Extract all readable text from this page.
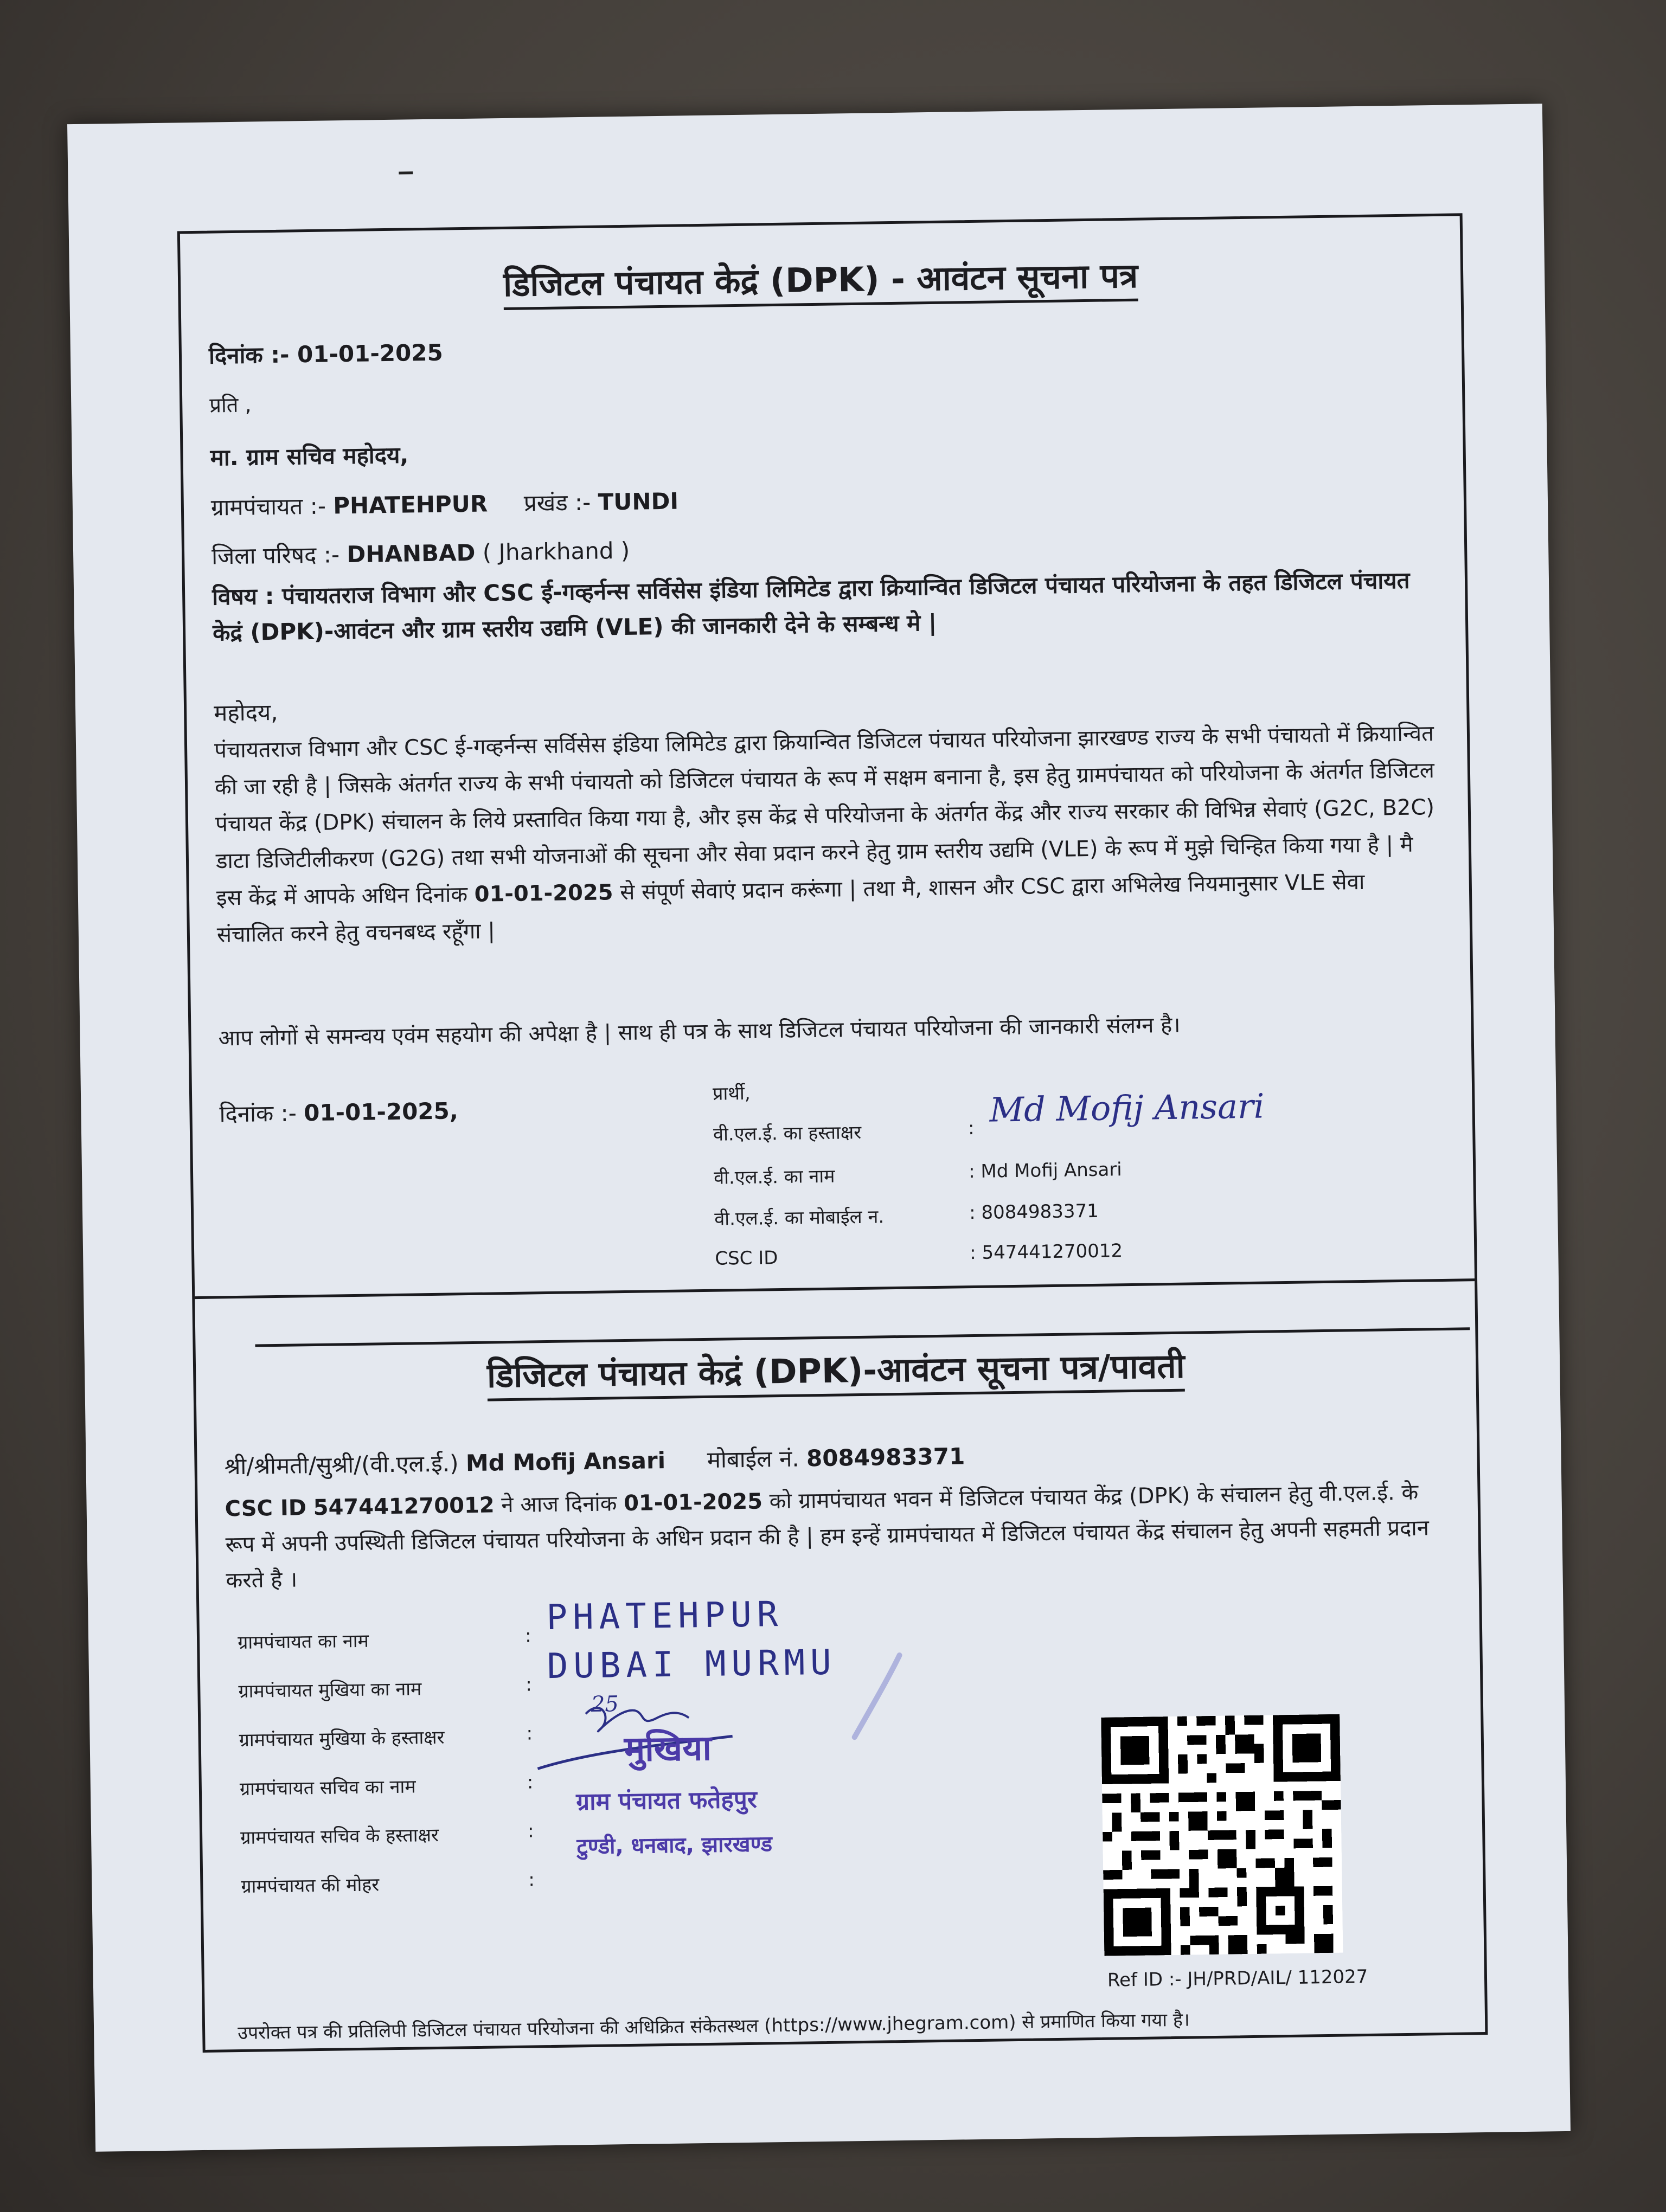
डिजिटल पंचायत केद्रं (DPK) - आवंटन सूचना पत्र
दिनांक :- 01-01-2025
प्रति ,
मा. ग्राम सचिव महोदय,
ग्रामपंचायत :- PHATEHPUR प्रखंड :- TUNDI
जिला परिषद :- DHANBAD ( Jharkhand )
विषय : पंचायतराज विभाग और CSC ई-गव्हर्नन्स सर्विसेस इंडिया लिमिटेड द्वारा क्रियान्वित डिजिटल पंचायत परियोजना के तहत डिजिटल पंचायत केद्रं (DPK)-आवंटन और ग्राम स्तरीय उद्यमि (VLE) की जानकारी देने के सम्बन्ध मे |
महोदय,
पंचायतराज विभाग और CSC ई-गव्हर्नन्स सर्विसेस इंडिया लिमिटेड द्वारा क्रियान्वित डिजिटल पंचायत परियोजना झारखण्ड राज्य के सभी पंचायतो में क्रियान्वित की जा रही है | जिसके अंतर्गत राज्य के सभी पंचायतो को डिजिटल पंचायत के रूप में सक्षम बनाना है, इस हेतु ग्रामपंचायत को परियोजना के अंतर्गत डिजिटल पंचायत केंद्र (DPK) संचालन के लिये प्रस्तावित किया गया है, और इस केंद्र से परियोजना के अंतर्गत केंद्र और राज्य सरकार की विभिन्न सेवाएं (G2C, B2C) डाटा डिजिटीलीकरण (G2G) तथा सभी योजनाओं की सूचना और सेवा प्रदान करने हेतु ग्राम स्तरीय उद्यमि (VLE) के रूप में मुझे चिन्हित किया गया है | मै इस केंद्र में आपके अधिन दिनांक 01-01-2025 से संपूर्ण सेवाएं प्रदान करूंगा | तथा मै, शासन और CSC द्वारा अभिलेख नियमानुसार VLE सेवा संचालित करने हेतु वचनबध्द रहूँगा |
आप लोगों से समन्वय एवंम सहयोग की अपेक्षा है | साथ ही पत्र के साथ डिजिटल पंचायत परियोजना की जानकारी संलग्न है।
दिनांक :- 01-01-2025,
प्रार्थी,
वी.एल.ई. का हस्ताक्षर	: Md Mofij Ansari
वी.एल.ई. का नाम	: Md Mofij Ansari
वी.एल.ई. का मोबाईल न.	: 8084983371
CSC ID	: 547441270012
डिजिटल पंचायत केद्रं (DPK)-आवंटन सूचना पत्र/पावती
श्री/श्रीमती/सुश्री/(वी.एल.ई.) Md Mofij Ansari मोबाईल नं. 8084983371
CSC ID 547441270012 ने आज दिनांक 01-01-2025 को ग्रामपंचायत भवन में डिजिटल पंचायत केंद्र (DPK) के संचालन हेतु वी.एल.ई. के रूप में अपनी उपस्थिती डिजिटल पंचायत परियोजना के अधिन प्रदान की है | हम इन्हें ग्रामपंचायत में डिजिटल पंचायत केंद्र संचालन हेतु अपनी सहमती प्रदान करते है ।
ग्रामपंचायत का नाम	: PHATEHPUR
ग्रामपंचायत मुखिया का नाम	: DUBAI MURMU
ग्रामपंचायत मुखिया के हस्ताक्षर	:
25
मुखिया
ग्रामपंचायत सचिव का नाम	:
ग्राम पंचायत फतेहपुर
ग्रामपंचायत सचिव के हस्ताक्षर	:
टुण्डी, धनबाद, झारखण्ड
ग्रामपंचायत की मोहर	:
Ref ID :- JH/PRD/AIL/ 112027
उपरोक्त पत्र की प्रतिलिपी डिजिटल पंचायत परियोजना की अधिक्रित संकेतस्थल (https://www.jhegram.com) से प्रमाणित किया गया है।
